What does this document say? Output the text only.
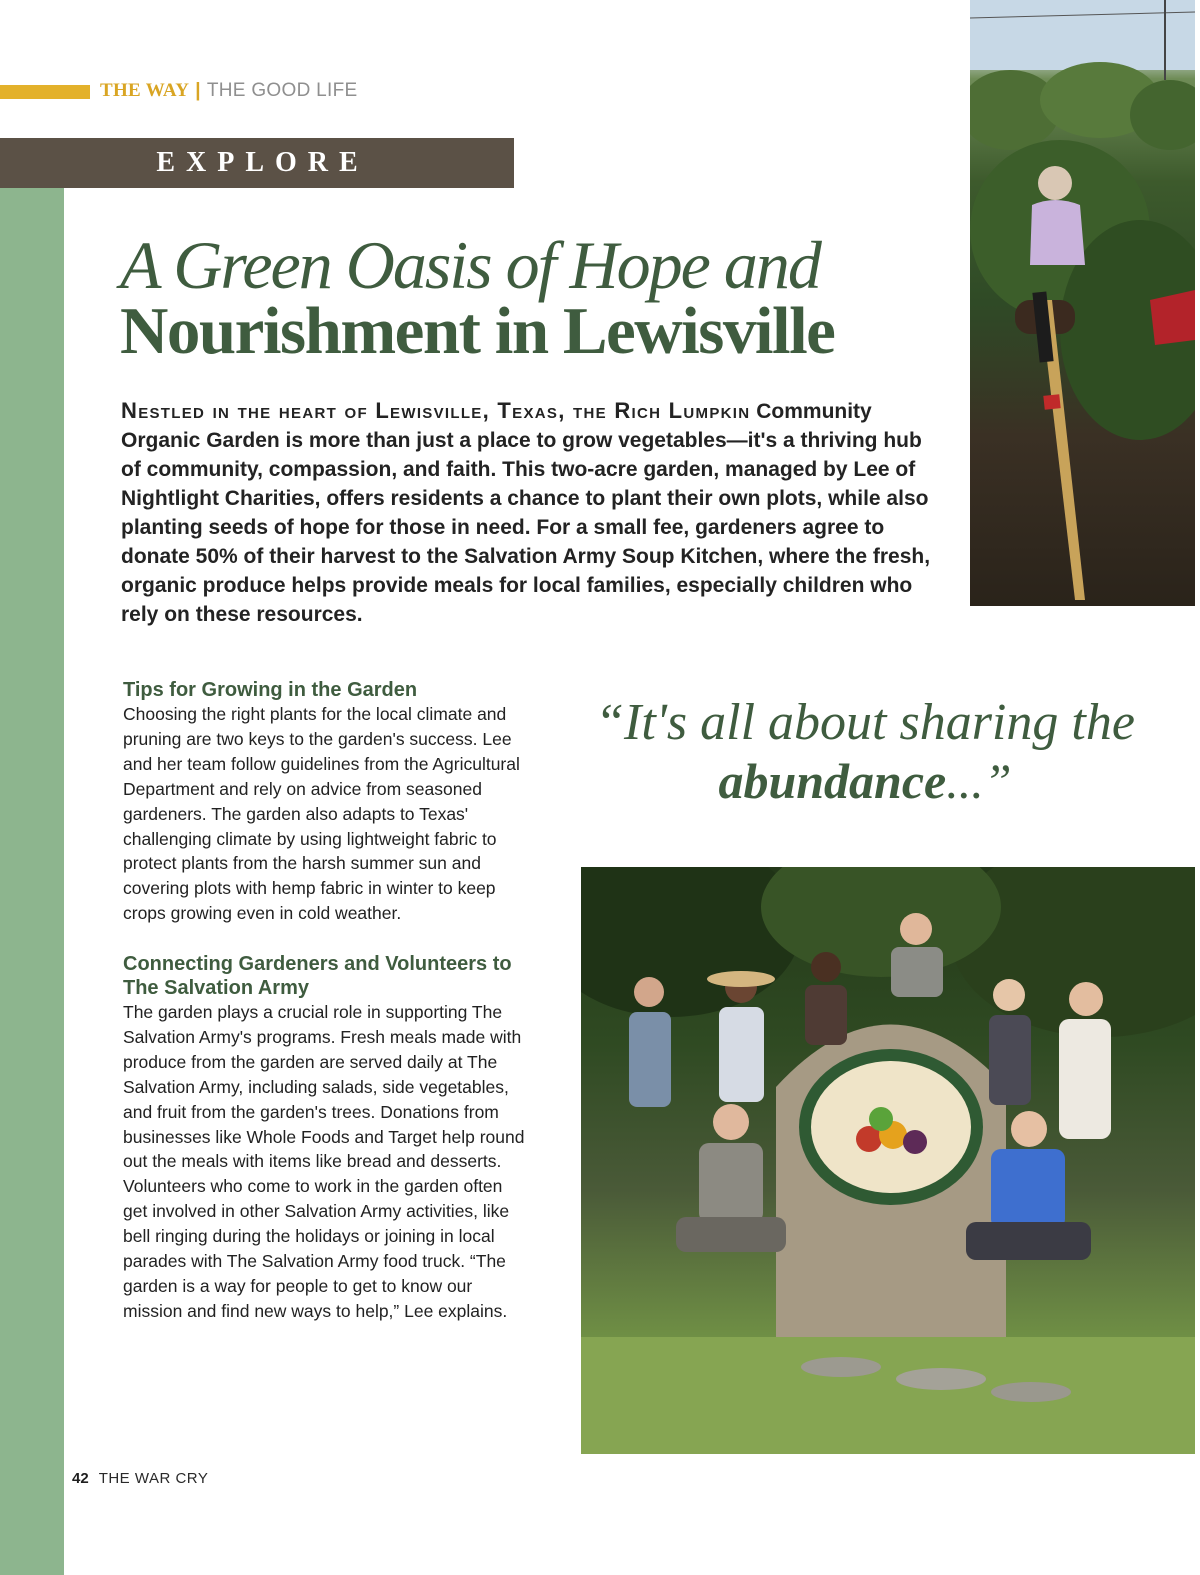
THE WAY | THE GOOD LIFE
EXPLORE
A Green Oasis of Hope and
Nourishment in Lewisville
Nestled in the heart of Lewisville, Texas, the Rich Lumpkin Community Organic Garden is more than just a place to grow vegetables—it's a thriving hub of community, compassion, and faith. This two-acre garden, managed by Lee of Nightlight Charities, offers residents a chance to plant their own plots, while also planting seeds of hope for those in need. For a small fee, gardeners agree to donate 50% of their harvest to the Salvation Army Soup Kitchen, where the fresh, organic produce helps provide meals for local families, especially children who rely on these resources.
“It's all about sharing the
abundance...”
Tips for Growing in the Garden
Choosing the right plants for the local climate and pruning are two keys to the garden's success. Lee and her team follow guidelines from the Agricultural Department and rely on advice from seasoned gardeners. The garden also adapts to Texas' challenging climate by using lightweight fabric to protect plants from the harsh summer sun and covering plots with hemp fabric in winter to keep crops growing even in cold weather.
Connecting Gardeners and Volunteers to The Salvation Army
The garden plays a crucial role in supporting The Salvation Army's programs. Fresh meals made with produce from the garden are served daily at The Salvation Army, including salads, side vegetables, and fruit from the garden's trees. Donations from businesses like Whole Foods and Target help round out the meals with items like bread and desserts. Volunteers who come to work in the garden often get involved in other Salvation Army activities, like bell ringing during the holidays or joining in local parades with The Salvation Army food truck. “The garden is a way for people to get to know our mission and find new ways to help,” Lee explains.
42 THE WAR CRY
